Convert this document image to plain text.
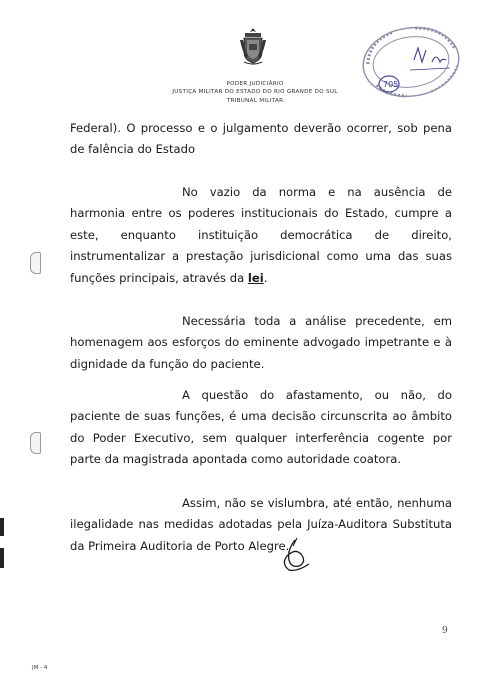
PODER JUDICIÁRIO
JUSTIÇA MILITAR DO ESTADO DO RIO GRANDE DO SUL
TRIBUNAL MILITAR
705

Federal). O processo e o julgamento deverão ocorrer, sob pena de falência do Estado

No vazio da norma e na ausência de harmonia entre os poderes institucionais do Estado, cumpre a este, enquanto instituição democrática de direito, instrumentalizar a prestação jurisdicional como uma das suas funções principais, através da lei.

Necessária toda a análise precedente, em homenagem aos esforços do eminente advogado impetrante e à dignidade da função do paciente.

A questão do afastamento, ou não, do paciente de suas funções, é uma decisão circunscrita ao âmbito do Poder Executivo, sem qualquer interferência cogente por parte da magistrada apontada como autoridade coatora.

Assim, não se vislumbra, até então, nenhuma ilegalidade nas medidas adotadas pela Juíza-Auditora Substituta da Primeira Auditoria de Porto Alegre.

9
JM - 4
